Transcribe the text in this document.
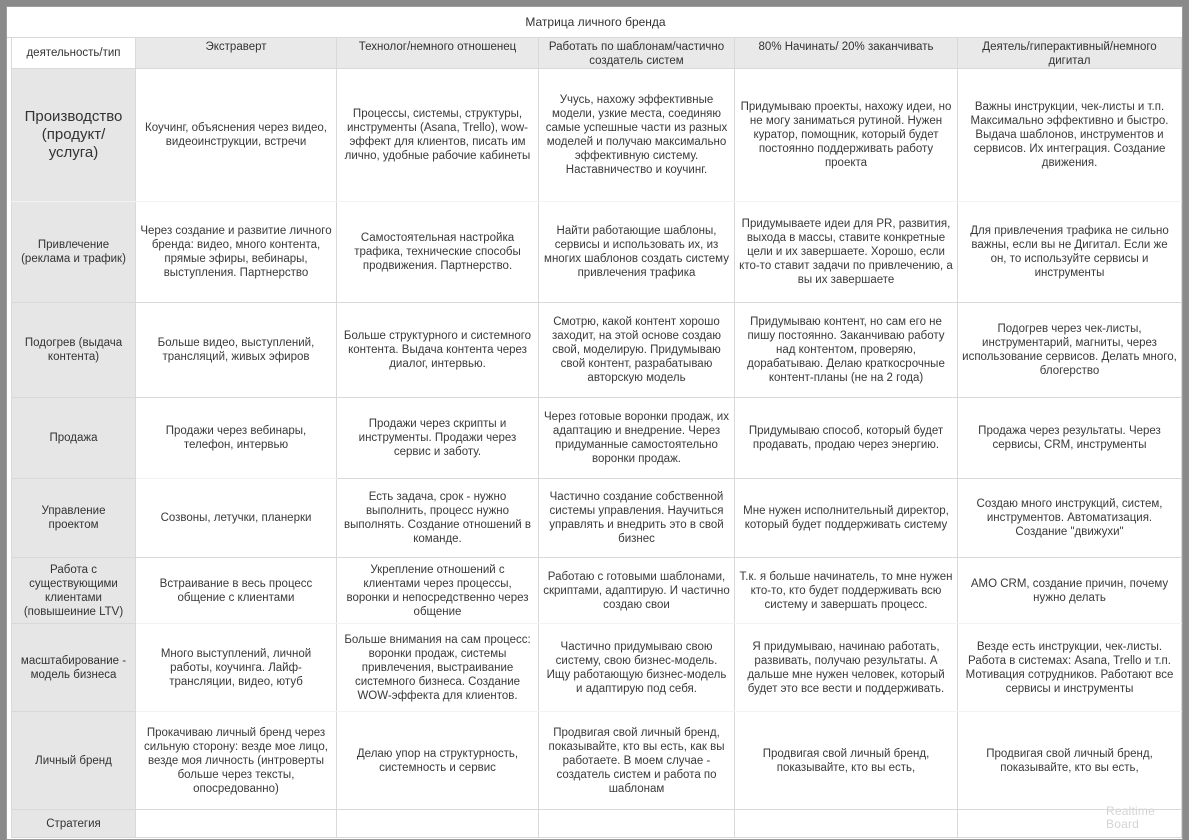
Матрица личного бренда
деятельность/тип	Экстраверт	Технолог/немного отношенец	Работать по шаблонам/частично создатель систем	80% Начинать/ 20% заканчивать	Деятель/гиперактивный/немного дигитал
Производство (продукт/ услуга)	Коучинг, объяснения через видео, видеоинструкции, встречи	Процессы, системы, структуры, инструменты (Asana, Trello), wow-эффект для клиентов, писать им лично, удобные рабочие кабинеты	Учусь, нахожу эффективные модели, узкие места, соединяю самые успешные части из разных моделей и получаю максимально эффективную систему. Наставничество и коучинг.	Придумываю проекты, нахожу идеи, но не могу заниматься рутиной. Нужен куратор, помощник, который будет постоянно поддерживать работу проекта	Важны инструкции, чек-листы и т.п. Максимально эффективно и быстро. Выдача шаблонов, инструментов и сервисов. Их интеграция. Создание движения.
Привлечение (реклама и трафик)	Через создание и развитие личного бренда: видео, много контента, прямые эфиры, вебинары, выступления. Партнерство	Самостоятельная настройка трафика, технические способы продвижения. Партнерство.	Найти работающие шаблоны, сервисы и использовать их, из многих шаблонов создать систему привлечения трафика	Придумываете идеи для PR, развития, выхода в массы, ставите конкретные цели и их завершаете. Хорошо, если кто-то ставит задачи по привлечению, а вы их завершаете	Для привлечения трафика не сильно важны, если вы не Дигитал. Если же он, то используйте сервисы и инструменты
Подогрев (выдача контента)	Больше видео, выступлений, трансляций, живых эфиров	Больше структурного и системного контента. Выдача контента через диалог, интервью.	Смотрю, какой контент хорошо заходит, на этой основе создаю свой, моделирую. Придумываю свой контент, разрабатываю авторскую модель	Придумываю контент, но сам его не пишу постоянно. Заканчиваю работу над контентом, проверяю, дорабатываю. Делаю краткосрочные контент-планы (не на 2 года)	Подогрев через чек-листы, инструментарий, магниты, через использование сервисов. Делать много, блогерство
Продажа	Продажи через вебинары, телефон, интервью	Продажи через скрипты и инструменты. Продажи через сервис и заботу.	Через готовые воронки продаж, их адаптацию и внедрение. Через придуманные самостоятельно воронки продаж.	Придумываю способ, который будет продавать, продаю через энергию.	Продажа через результаты. Через сервисы, CRM, инструменты
Управление проектом	Созвоны, летучки, планерки	Есть задача, срок - нужно выполнить, процесс нужно выполнять. Создание отношений в команде.	Частично создание собственной системы управления. Научиться управлять и внедрить это в свой бизнес	Мне нужен исполнительный директор, который будет поддерживать систему	Создаю много инструкций, систем, инструментов. Автоматизация. Создание "движухи"
Работа с существующими клиентами (повышеиние LTV)	Встраивание в весь процесс общение с клиентами	Укрепление отношений с клиентами через процессы, воронки и непосредственно через общение	Работаю с готовыми шаблонами, скриптами, адаптирую. И частично создаю свои	Т.к. я больше начинатель, то мне нужен кто-то, кто будет поддерживать всю систему и завершать процесс.	AMO CRM, создание причин, почему нужно делать
масштабирование - модель бизнеса	Много выступлений, личной работы, коучинга. Лайф-трансляции, видео, ютуб	Больше внимания на сам процесс: воронки продаж, системы привлечения, выстраивание системного бизнеса. Создание WOW-эффекта для клиентов.	Частично придумываю свою систему, свою бизнес-модель. Ищу работающую бизнес-модель и адаптирую под себя.	Я придумываю, начинаю работать, развивать, получаю результаты. А дальше мне нужен человек, который будет это все вести и поддерживать.	Везде есть инструкции, чек-листы. Работа в системах: Asana, Trello и т.п. Мотивация сотрудников. Работают все сервисы и инструменты
Личный бренд	Прокачиваю личный бренд через сильную сторону: везде мое лицо, везде моя личность (интроверты больше через тексты, опосредованно)	Делаю упор на структурность, системность и сервис	Продвигая свой личный бренд, показывайте, кто вы есть, как вы работаете. В моем случае - создатель систем и работа по шаблонам	Продвигая свой личный бренд, показывайте, кто вы есть,	Продвигая свой личный бренд, показывайте, кто вы есть,
Стратегия					
Realtime Board
